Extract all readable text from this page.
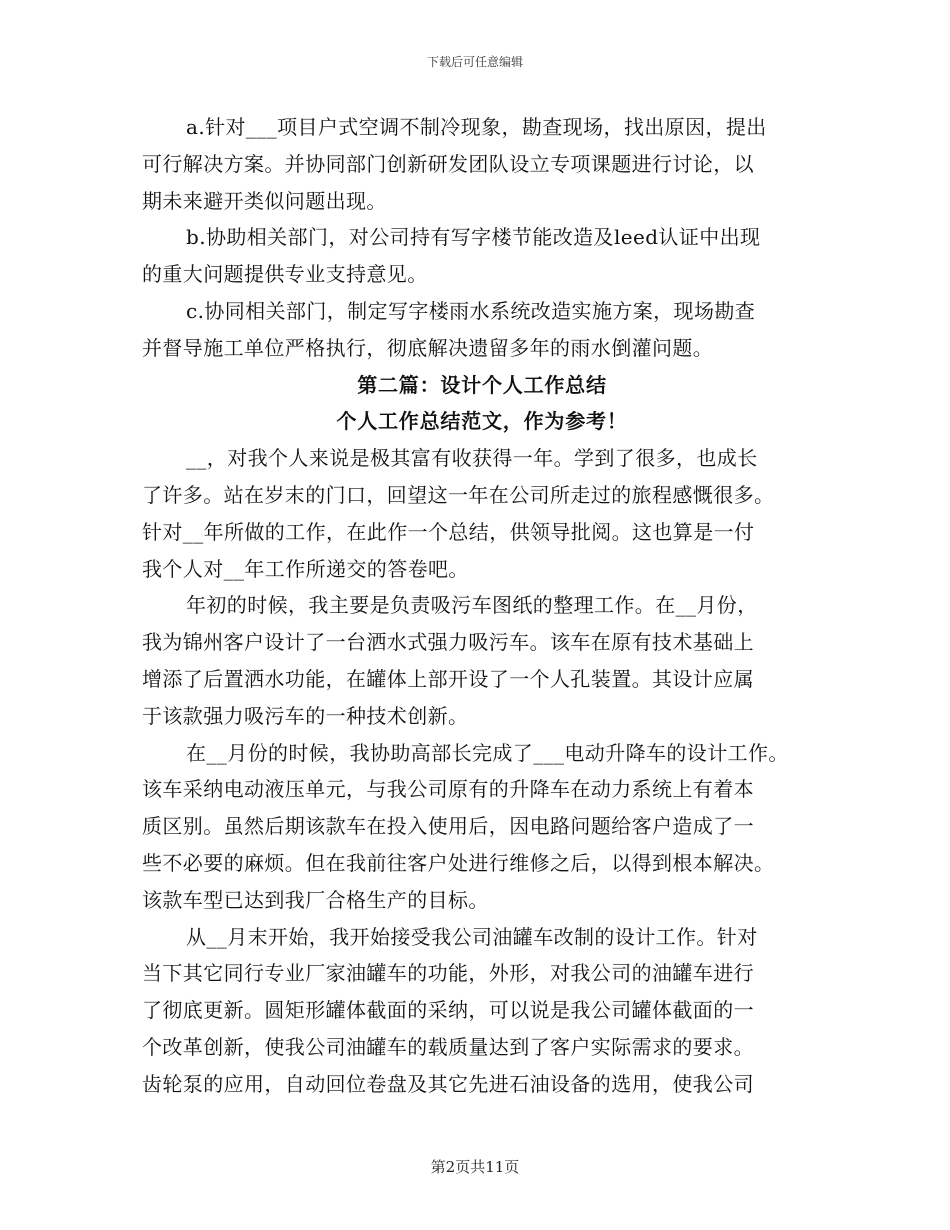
下载后可任意编辑
a.针对___项目户式空调不制冷现象，勘查现场，找出原因，提出
可行解决方案。并协同部门创新研发团队设立专项课题进行讨论，以
期未来避开类似问题出现。
b.协助相关部门，对公司持有写字楼节能改造及leed认证中出现
的重大问题提供专业支持意见。
c.协同相关部门，制定写字楼雨水系统改造实施方案，现场勘查
并督导施工单位严格执行，彻底解决遗留多年的雨水倒灌问题。
第二篇：设计个人工作总结
个人工作总结范文，作为参考！
__，对我个人来说是极其富有收获得一年。学到了很多，也成长
了许多。站在岁末的门口，回望这一年在公司所走过的旅程感慨很多。
针对__年所做的工作，在此作一个总结，供领导批阅。这也算是一付
我个人对__年工作所递交的答卷吧。
年初的时候，我主要是负责吸污车图纸的整理工作。在__月份，
我为锦州客户设计了一台洒水式强力吸污车。该车在原有技术基础上
增添了后置洒水功能，在罐体上部开设了一个人孔装置。其设计应属
于该款强力吸污车的一种技术创新。
在__月份的时候，我协助高部长完成了___电动升降车的设计工作。
该车采纳电动液压单元，与我公司原有的升降车在动力系统上有着本
质区别。虽然后期该款车在投入使用后，因电路问题给客户造成了一
些不必要的麻烦。但在我前往客户处进行维修之后，以得到根本解决。
该款车型已达到我厂合格生产的目标。
从__月末开始，我开始接受我公司油罐车改制的设计工作。针对
当下其它同行专业厂家油罐车的功能，外形，对我公司的油罐车进行
了彻底更新。圆矩形罐体截面的采纳，可以说是我公司罐体截面的一
个改革创新，使我公司油罐车的载质量达到了客户实际需求的要求。
齿轮泵的应用，自动回位卷盘及其它先进石油设备的选用，使我公司
第2页共11页
